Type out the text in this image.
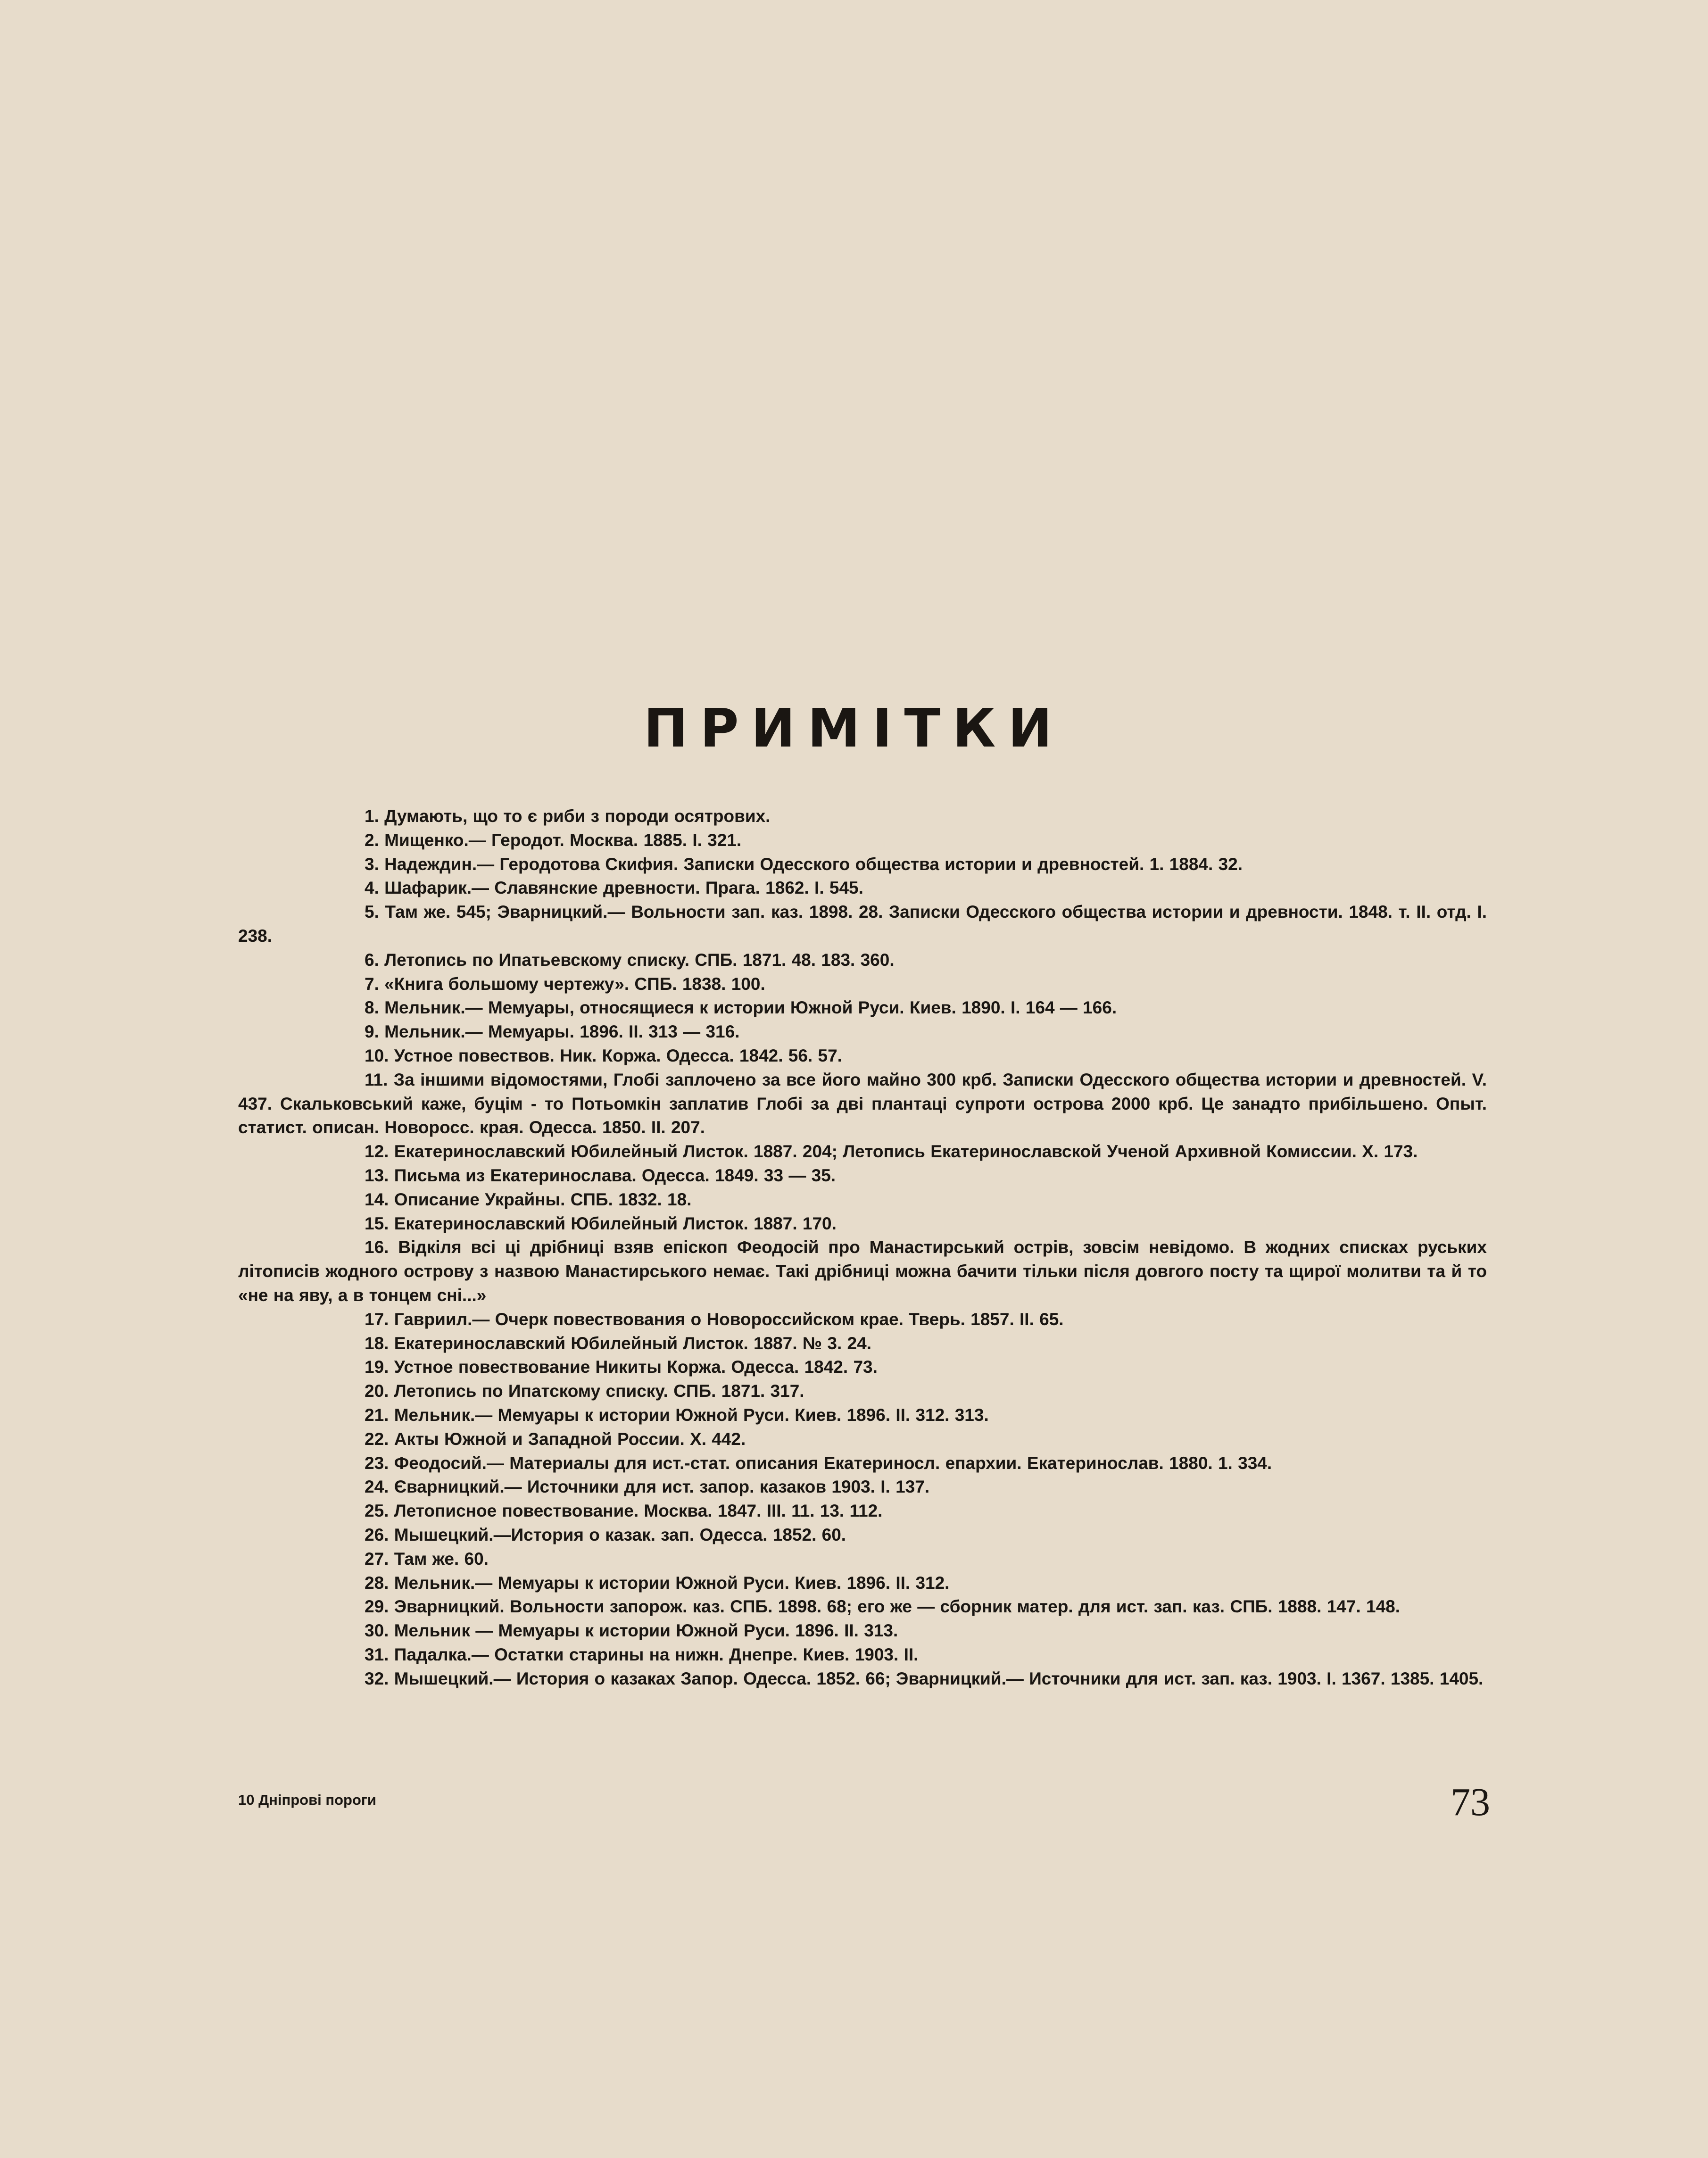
ПРИМІТКИ
1. Думають, що то є риби з породи осятрових.
2. Мищенко.— Геродот. Москва. 1885. I. 321.
3. Надеждин.— Геродотова Скифия. Записки Одесского общества истории и древностей. 1. 1884. 32.
4. Шафарик.— Славянские древности. Прага. 1862. I. 545.
5. Там же. 545; Эварницкий.— Вольности зап. каз. 1898. 28. Записки Одесского общества истории и древности. 1848. т. II. отд. I. 238.
6. Летопись по Ипатьевскому списку. СПБ. 1871. 48. 183. 360.
7. «Книга большому чертежу». СПБ. 1838. 100.
8. Мельник.— Мемуары, относящиеся к истории Южной Руси. Киев. 1890. I. 164 — 166.
9. Мельник.— Мемуары. 1896. II. 313 — 316.
10. Устное повествов. Ник. Коржа. Одесса. 1842. 56. 57.
11. За іншими відомостями, Глобі заплочено за все його майно 300 крб. Записки Одесского общества истории и древностей. V. 437. Скальковський каже, буцім - то Потьомкін заплатив Глобі за дві плантаці супроти острова 2000 крб. Це занадто прибільшено. Опыт. статист. описан. Новоросс. края. Одесса. 1850. II. 207.
12. Екатеринославский Юбилейный Листок. 1887. 204; Летопись Екатеринославской Ученой Архивной Комиссии. X. 173.
13. Письма из Екатеринослава. Одесса. 1849. 33 — 35.
14. Описание Украйны. СПБ. 1832. 18.
15. Екатеринославский Юбилейный Листок. 1887. 170.
16. Відкіля всі ці дрібниці взяв епіскоп Феодосій про Манастирський острів, зовсім невідомо. В жодних списках руських літописів жодного острову з назвою Манастирського немає. Такі дрібниці можна бачити тільки після довгого посту та щирої молитви та й то «не на яву, а в тонцем сні...»
17. Гавриил.— Очерк повествования о Новороссийском крае. Тверь. 1857. II. 65.
18. Екатеринославский Юбилейный Листок. 1887. № 3. 24.
19. Устное повествование Никиты Коржа. Одесса. 1842. 73.
20. Летопись по Ипатскому списку. СПБ. 1871. 317.
21. Мельник.— Мемуары к истории Южной Руси. Киев. 1896. II. 312. 313.
22. Акты Южной и Западной России. X. 442.
23. Феодосий.— Материалы для ист.-стат. описания Екатериносл. епархии. Екатеринослав. 1880. 1. 334.
24. Єварницкий.— Источники для ист. запор. казаков 1903. I. 137.
25. Летописное повествование. Москва. 1847. III. 11. 13. 112.
26. Мышецкий.—История о казак. зап. Одесса. 1852. 60.
27. Там же. 60.
28. Мельник.— Мемуары к истории Южной Руси. Киев. 1896. II. 312.
29. Эварницкий. Вольности запорож. каз. СПБ. 1898. 68; его же — сборник матер. для ист. зап. каз. СПБ. 1888. 147. 148.
30. Мельник — Мемуары к истории Южной Руси. 1896. II. 313.
31. Падалка.— Остатки старины на нижн. Днепре. Киев. 1903. II.
32. Мышецкий.— История о казаках Запор. Одесса. 1852. 66; Эварницкий.— Источники для ист. зап. каз. 1903. I. 1367. 1385. 1405.
10 Дніпрові пороги	73
